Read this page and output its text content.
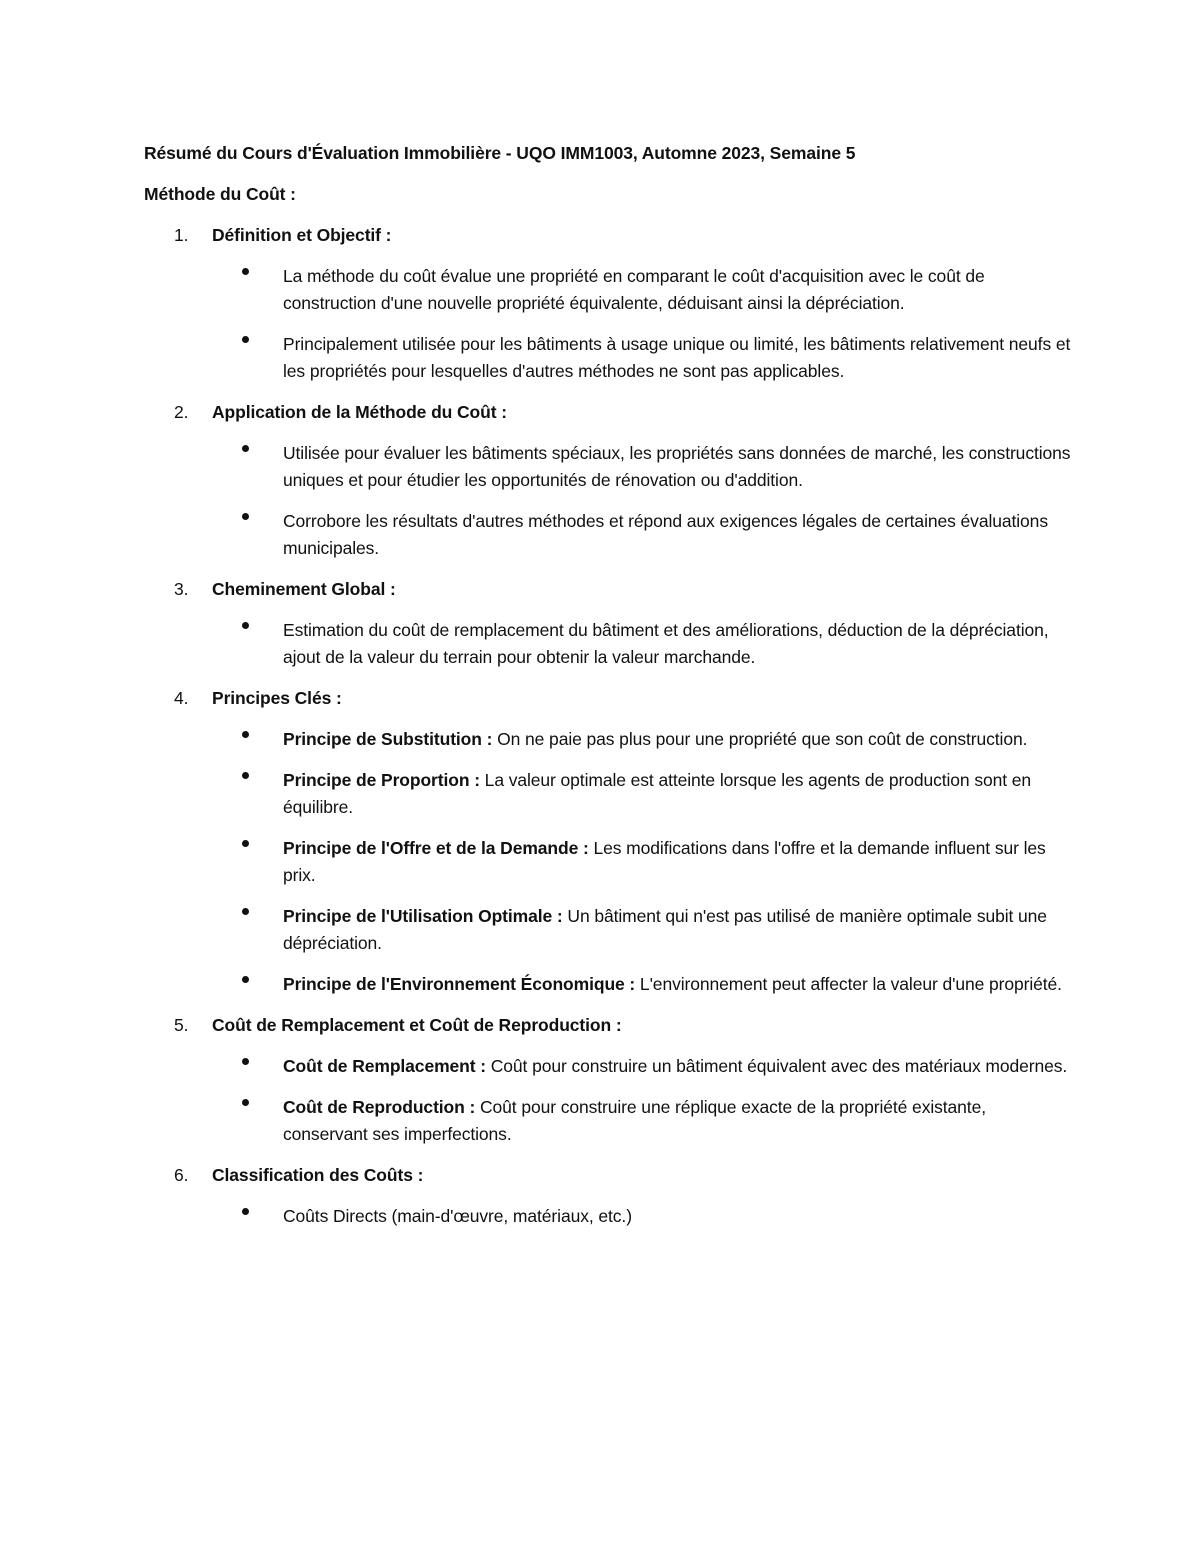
Résumé du Cours d'Évaluation Immobilière - UQO IMM1003, Automne 2023, Semaine 5
Méthode du Coût :
1. Définition et Objectif :
La méthode du coût évalue une propriété en comparant le coût d'acquisition avec le coût de construction d'une nouvelle propriété équivalente, déduisant ainsi la dépréciation.
Principalement utilisée pour les bâtiments à usage unique ou limité, les bâtiments relativement neufs et les propriétés pour lesquelles d'autres méthodes ne sont pas applicables.
2. Application de la Méthode du Coût :
Utilisée pour évaluer les bâtiments spéciaux, les propriétés sans données de marché, les constructions uniques et pour étudier les opportunités de rénovation ou d'addition.
Corrobore les résultats d'autres méthodes et répond aux exigences légales de certaines évaluations municipales.
3. Cheminement Global :
Estimation du coût de remplacement du bâtiment et des améliorations, déduction de la dépréciation, ajout de la valeur du terrain pour obtenir la valeur marchande.
4. Principes Clés :
Principe de Substitution : On ne paie pas plus pour une propriété que son coût de construction.
Principe de Proportion : La valeur optimale est atteinte lorsque les agents de production sont en équilibre.
Principe de l'Offre et de la Demande : Les modifications dans l'offre et la demande influent sur les prix.
Principe de l'Utilisation Optimale : Un bâtiment qui n'est pas utilisé de manière optimale subit une dépréciation.
Principe de l'Environnement Économique : L'environnement peut affecter la valeur d'une propriété.
5. Coût de Remplacement et Coût de Reproduction :
Coût de Remplacement : Coût pour construire un bâtiment équivalent avec des matériaux modernes.
Coût de Reproduction : Coût pour construire une réplique exacte de la propriété existante, conservant ses imperfections.
6. Classification des Coûts :
Coûts Directs (main-d'œuvre, matériaux, etc.)
